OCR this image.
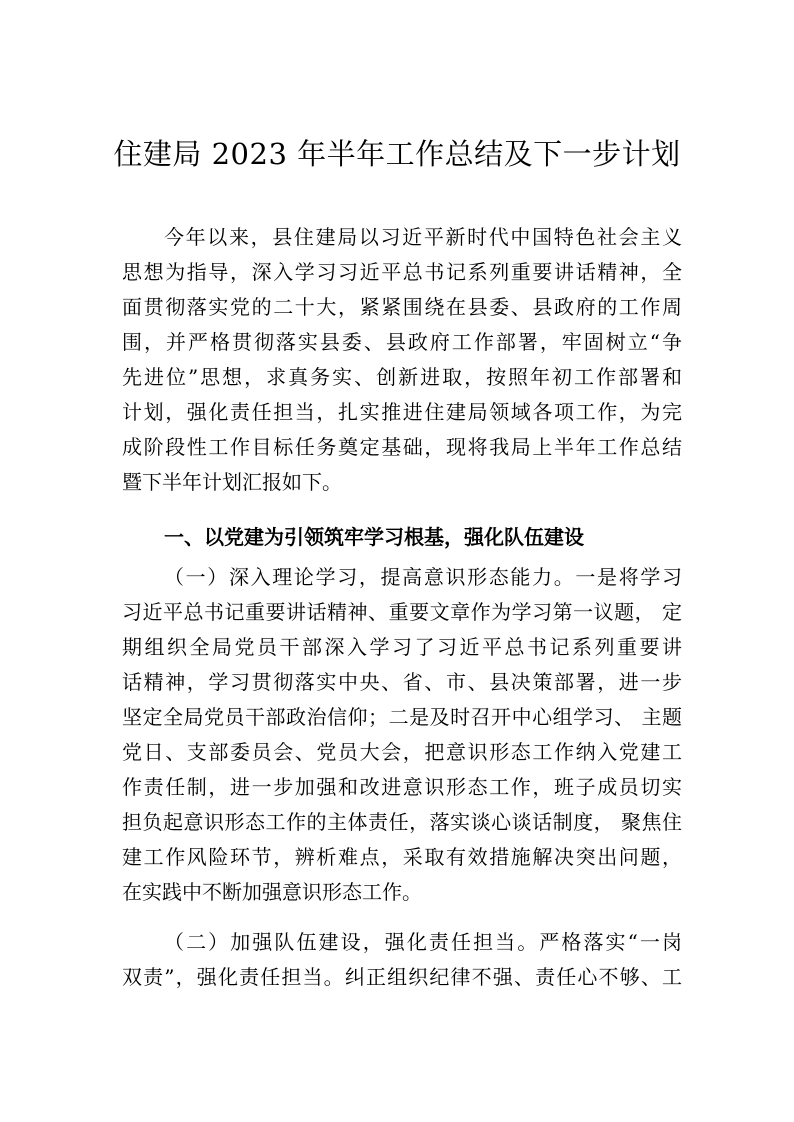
住建局 2023 年半年工作总结及下一步计划
今年以来，县住建局以习近平新时代中国特色社会主义
思想为指导，深入学习习近平总书记系列重要讲话精神，全
面贯彻落实党的二十大，紧紧围绕在县委、县政府的工作周
围，并严格贯彻落实县委、县政府工作部署，牢固树立“争
先进位”思想，求真务实、创新进取，按照年初工作部署和
计划，强化责任担当，扎实推进住建局领域各项工作，为完
成阶段性工作目标任务奠定基础，现将我局上半年工作总结
暨下半年计划汇报如下。
一、以党建为引领筑牢学习根基，强化队伍建设
（一）深入理论学习，提高意识形态能力。一是将学习
习近平总书记重要讲话精神、重要文章作为学习第一议题， 定
期组织全局党员干部深入学习了习近平总书记系列重要讲
话精神，学习贯彻落实中央、省、市、县决策部署，进一步
坚定全局党员干部政治信仰；二是及时召开中心组学习、 主题
党日、支部委员会、党员大会，把意识形态工作纳入党建工
作责任制，进一步加强和改进意识形态工作，班子成员切实
担负起意识形态工作的主体责任，落实谈心谈话制度， 聚焦住
建工作风险环节，辨析难点，采取有效措施解决突出问题，
在实践中不断加强意识形态工作。
（二）加强队伍建设，强化责任担当。严格落实“一岗
双责”，强化责任担当。纠正组织纪律不强、责任心不够、工
